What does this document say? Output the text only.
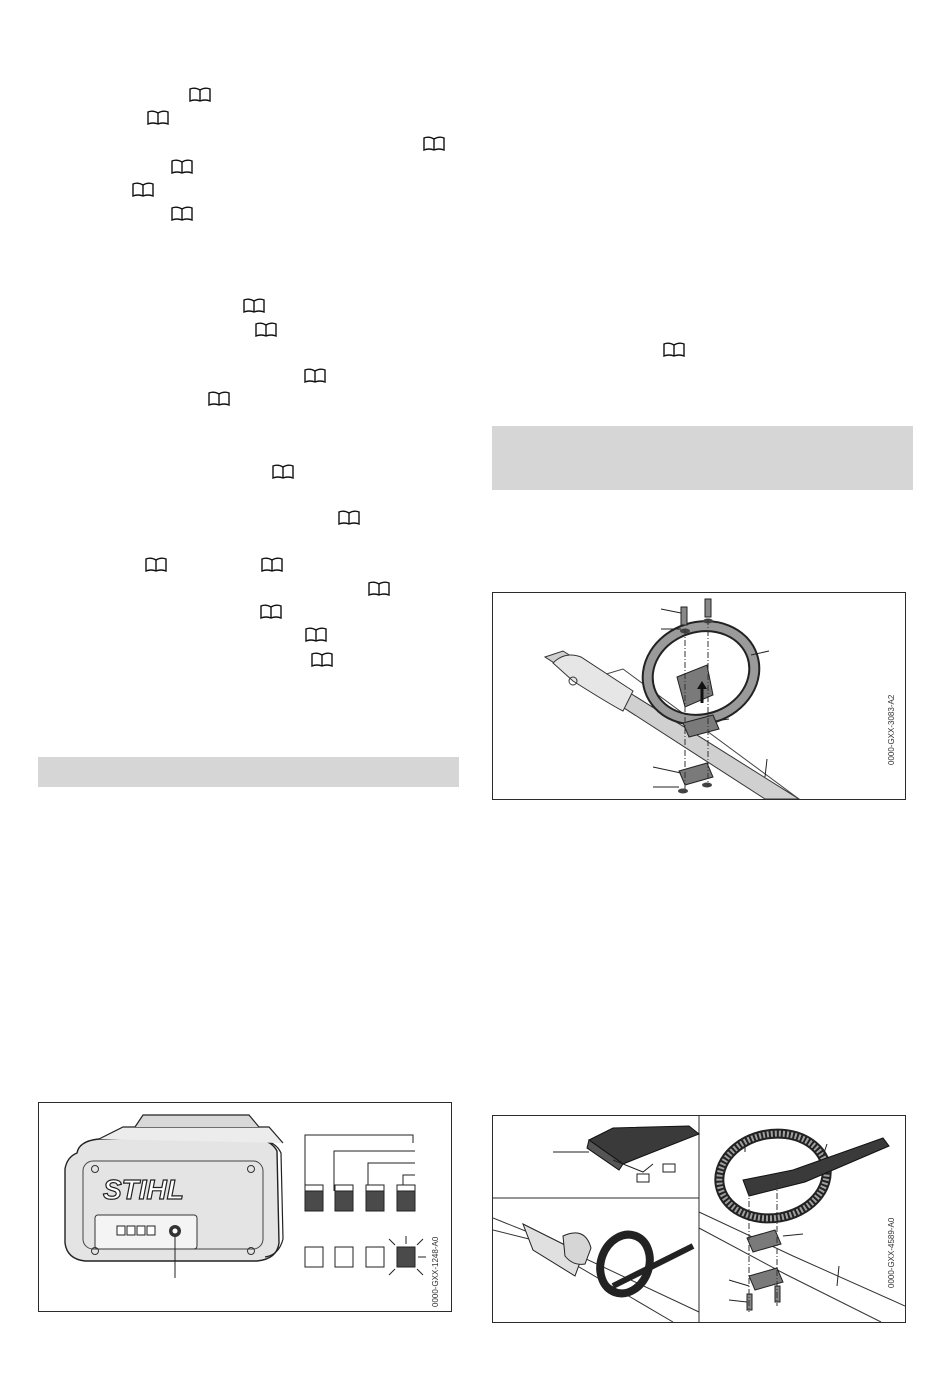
STIHL
0000-GXX-1248-A0
0000-GXX-3083-A2
0000-GXX-4589-A0
